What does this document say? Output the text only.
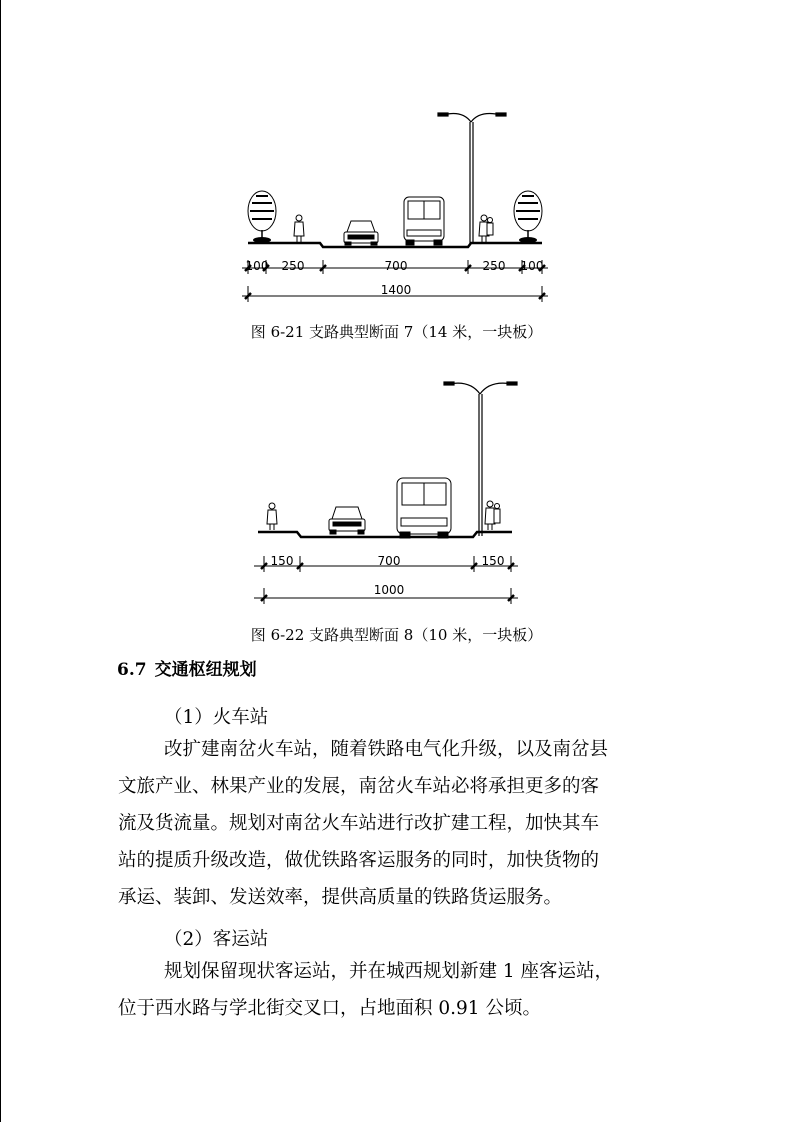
100 250	700	250 100
1400
图 6-21 支路典型断面 7（14 米，一块板）
150	700	150
1000
图 6-22 支路典型断面 8（10 米，一块板）
6.7 交通枢纽规划
（1）火车站
改扩建南岔火车站，随着铁路电气化升级，以及南岔县
文旅产业、林果产业的发展，南岔火车站必将承担更多的客
流及货流量。规划对南岔火车站进行改扩建工程，加快其车
站的提质升级改造，做优铁路客运服务的同时，加快货物的
承运、装卸、发送效率，提供高质量的铁路货运服务。
（2）客运站
规划保留现状客运站，并在城西规划新建 1 座客运站，
位于西水路与学北街交叉口，占地面积 0.91 公顷。
